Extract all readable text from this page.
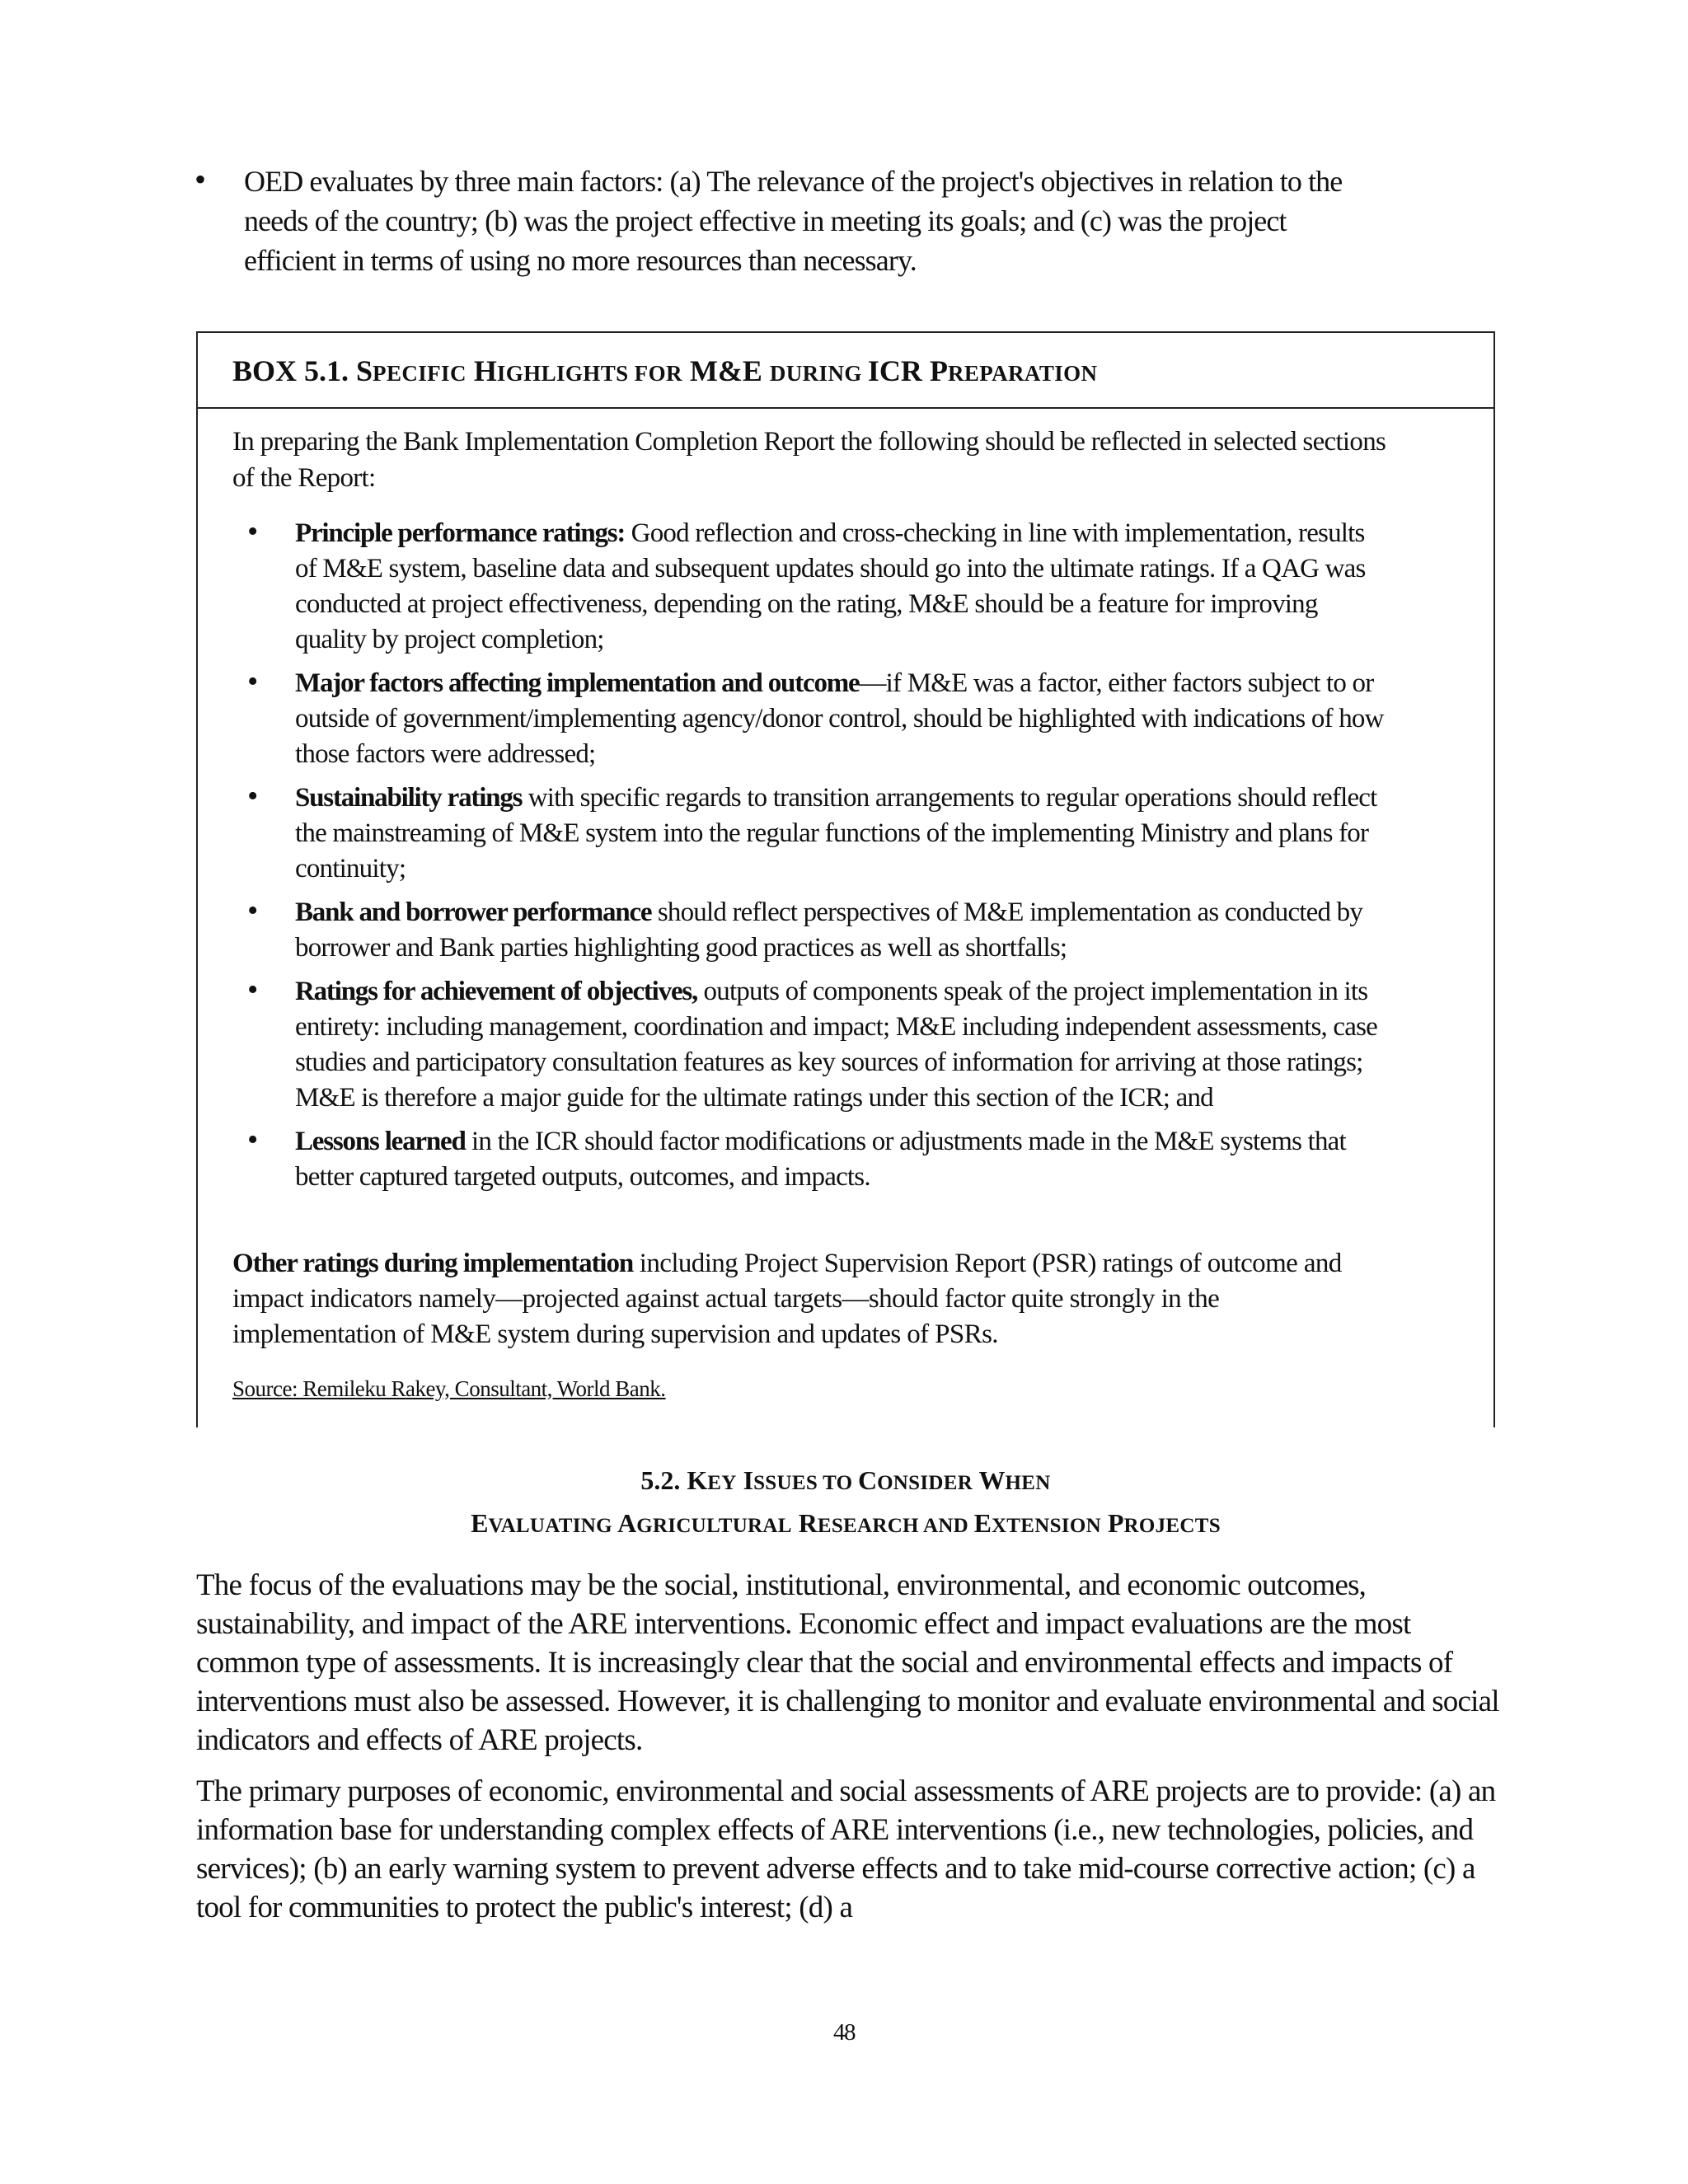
• OED evaluates by three main factors: (a) The relevance of the project's objectives in relation to the needs of the country; (b) was the project effective in meeting its goals; and (c) was the project efficient in terms of using no more resources than necessary.
BOX 5.1. SPECIFIC HIGHLIGHTS FOR M&E DURING ICR PREPARATION
In preparing the Bank Implementation Completion Report the following should be reflected in selected sections of the Report:
• Principle performance ratings: Good reflection and cross-checking in line with implementation, results of M&E system, baseline data and subsequent updates should go into the ultimate ratings. If a QAG was conducted at project effectiveness, depending on the rating, M&E should be a feature for improving quality by project completion;
• Major factors affecting implementation and outcome—if M&E was a factor, either factors subject to or outside of government/implementing agency/donor control, should be highlighted with indications of how those factors were addressed;
• Sustainability ratings with specific regards to transition arrangements to regular operations should reflect the mainstreaming of M&E system into the regular functions of the implementing Ministry and plans for continuity;
• Bank and borrower performance should reflect perspectives of M&E implementation as conducted by borrower and Bank parties highlighting good practices as well as shortfalls;
• Ratings for achievement of objectives, outputs of components speak of the project implementation in its entirety: including management, coordination and impact; M&E including independent assessments, case studies and participatory consultation features as key sources of information for arriving at those ratings; M&E is therefore a major guide for the ultimate ratings under this section of the ICR; and
• Lessons learned in the ICR should factor modifications or adjustments made in the M&E systems that better captured targeted outputs, outcomes, and impacts.
Other ratings during implementation including Project Supervision Report (PSR) ratings of outcome and impact indicators namely—projected against actual targets—should factor quite strongly in the implementation of M&E system during supervision and updates of PSRs.
Source: Remileku Rakey, Consultant, World Bank.
5.2. KEY ISSUES TO CONSIDER WHEN
EVALUATING AGRICULTURAL RESEARCH AND EXTENSION PROJECTS
The focus of the evaluations may be the social, institutional, environmental, and economic outcomes, sustainability, and impact of the ARE interventions. Economic effect and impact evaluations are the most common type of assessments. It is increasingly clear that the social and environmental effects and impacts of interventions must also be assessed. However, it is challenging to monitor and evaluate environmental and social indicators and effects of ARE projects.
The primary purposes of economic, environmental and social assessments of ARE projects are to provide: (a) an information base for understanding complex effects of ARE interventions (i.e., new technologies, policies, and services); (b) an early warning system to prevent adverse effects and to take mid-course corrective action; (c) a tool for communities to protect the public's interest; (d) a
48
